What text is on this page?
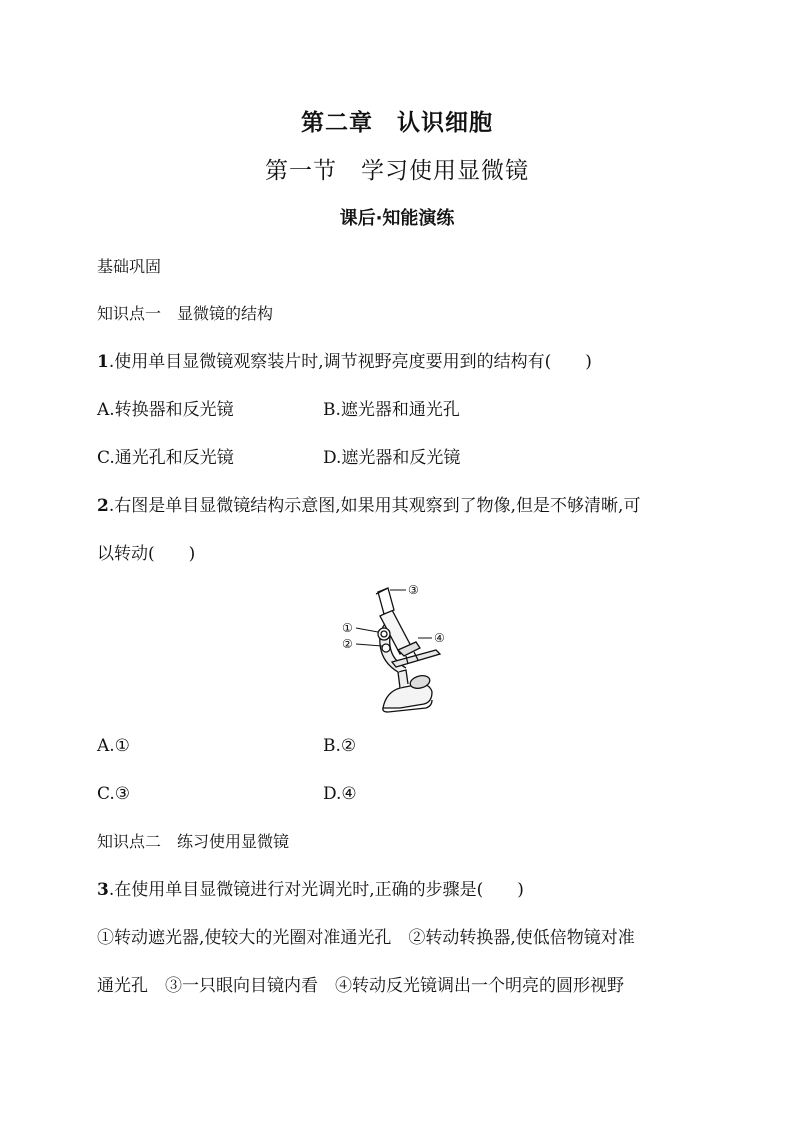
第二章　认识细胞
第一节　学习使用显微镜
课后·知能演练
基础巩固
知识点一　显微镜的结构
1.使用单目显微镜观察装片时,调节视野亮度要用到的结构有(　　)
A.转换器和反光镜	B.遮光器和通光孔
C.通光孔和反光镜	D.遮光器和反光镜
2.右图是单目显微镜结构示意图,如果用其观察到了物像,但是不够清晰,可
以转动(　　)
①
②
③
④
A.①	B.②
C.③	D.④
知识点二　练习使用显微镜
3.在使用单目显微镜进行对光调光时,正确的步骤是(　　)
①转动遮光器,使较大的光圈对准通光孔　②转动转换器,使低倍物镜对准
通光孔　③一只眼向目镜内看　④转动反光镜调出一个明亮的圆形视野
